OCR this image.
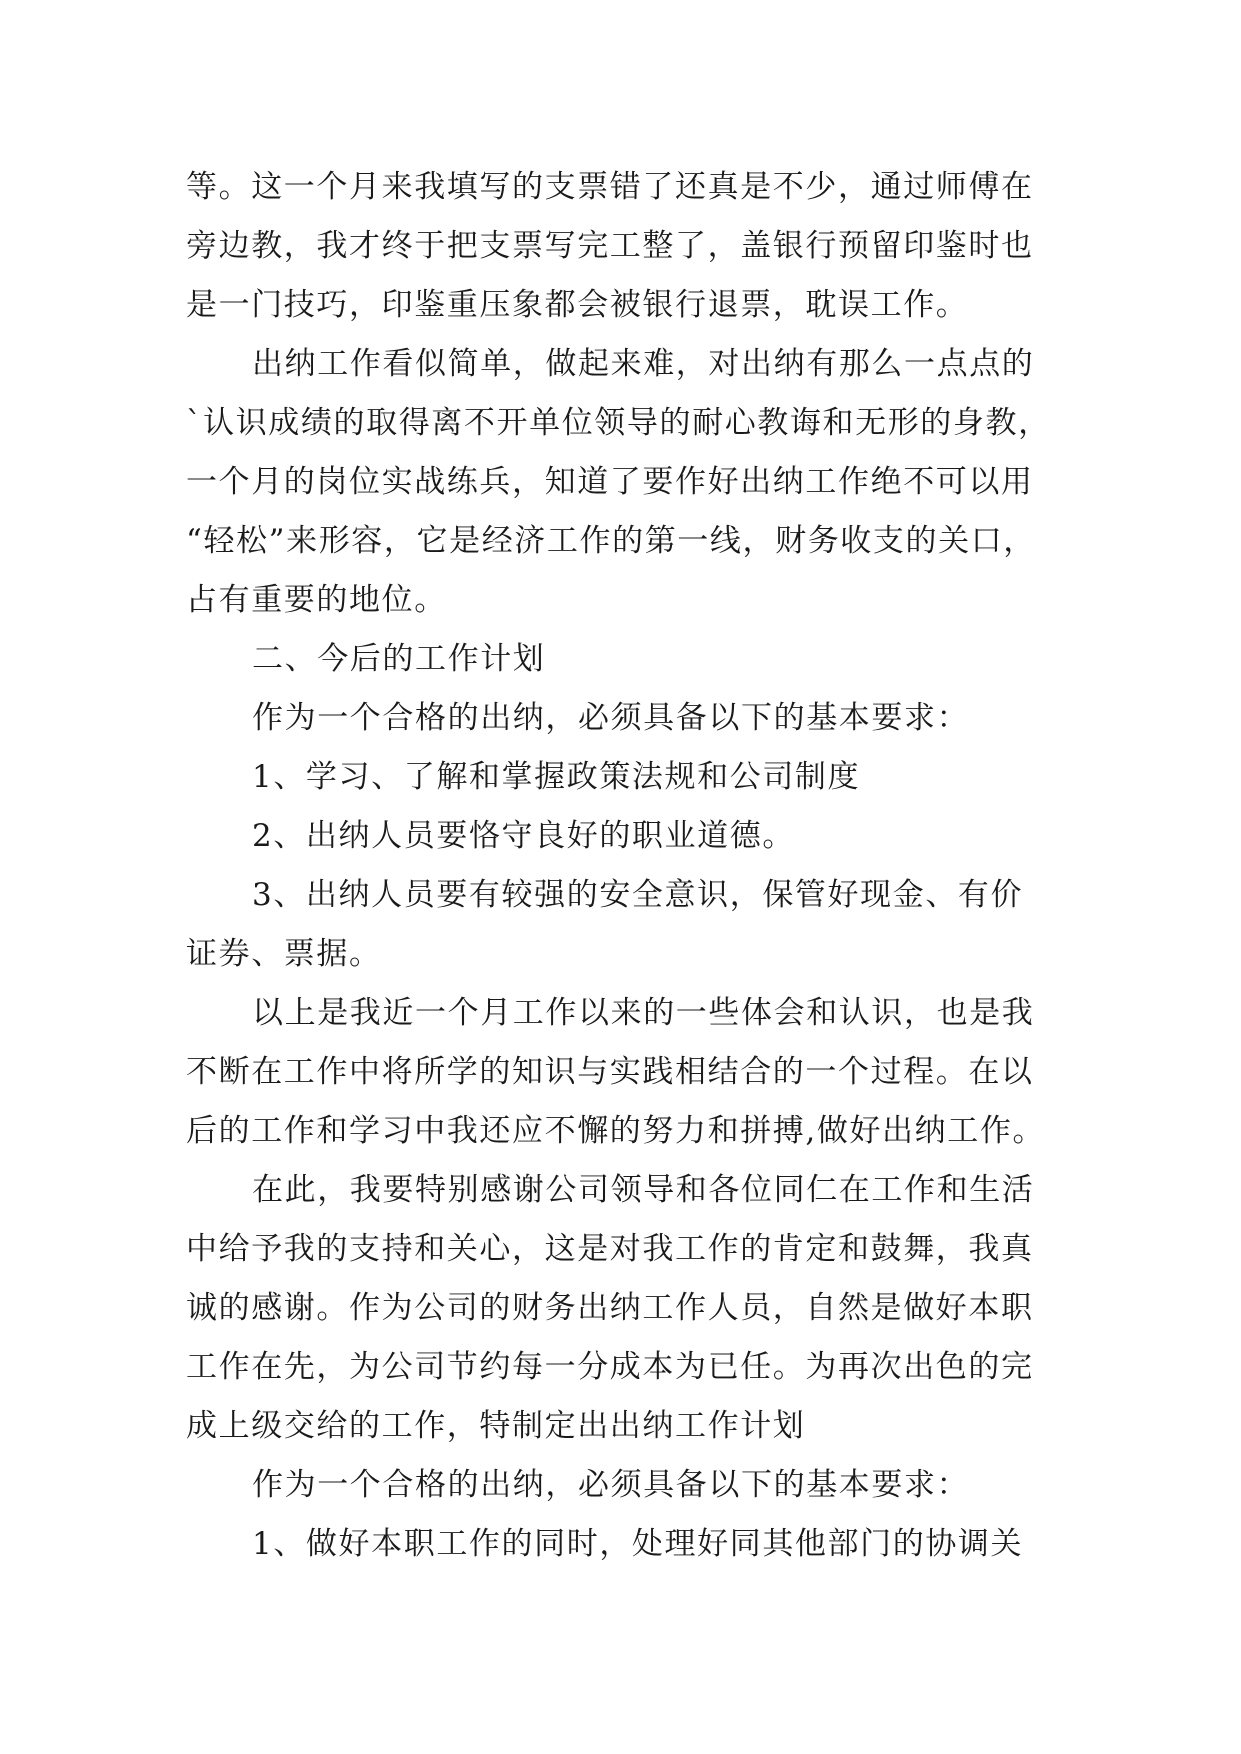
等。这一个月来我填写的支票错了还真是不少，通过师傅在
旁边教，我才终于把支票写完工整了，盖银行预留印鉴时也
是一门技巧，印鉴重压象都会被银行退票，耽误工作。
出纳工作看似简单，做起来难，对出纳有那么一点点的
`认识成绩的取得离不开单位领导的耐心教诲和无形的身教，
一个月的岗位实战练兵，知道了要作好出纳工作绝不可以用
“轻松”来形容，它是经济工作的第一线，财务收支的关口，
占有重要的地位。
二、今后的工作计划
作为一个合格的出纳，必须具备以下的基本要求：
1、学习、了解和掌握政策法规和公司制度
2、出纳人员要恪守良好的职业道德。
3、出纳人员要有较强的安全意识，保管好现金、有价
证券、票据。
以上是我近一个月工作以来的一些体会和认识，也是我
不断在工作中将所学的知识与实践相结合的一个过程。在以
后的工作和学习中我还应不懈的努力和拼搏,做好出纳工作。
在此，我要特别感谢公司领导和各位同仁在工作和生活
中给予我的支持和关心，这是对我工作的肯定和鼓舞，我真
诚的感谢。作为公司的财务出纳工作人员，自然是做好本职
工作在先，为公司节约每一分成本为已任。为再次出色的完
成上级交给的工作，特制定出出纳工作计划
作为一个合格的出纳，必须具备以下的基本要求：
1、做好本职工作的同时，处理好同其他部门的协调关
